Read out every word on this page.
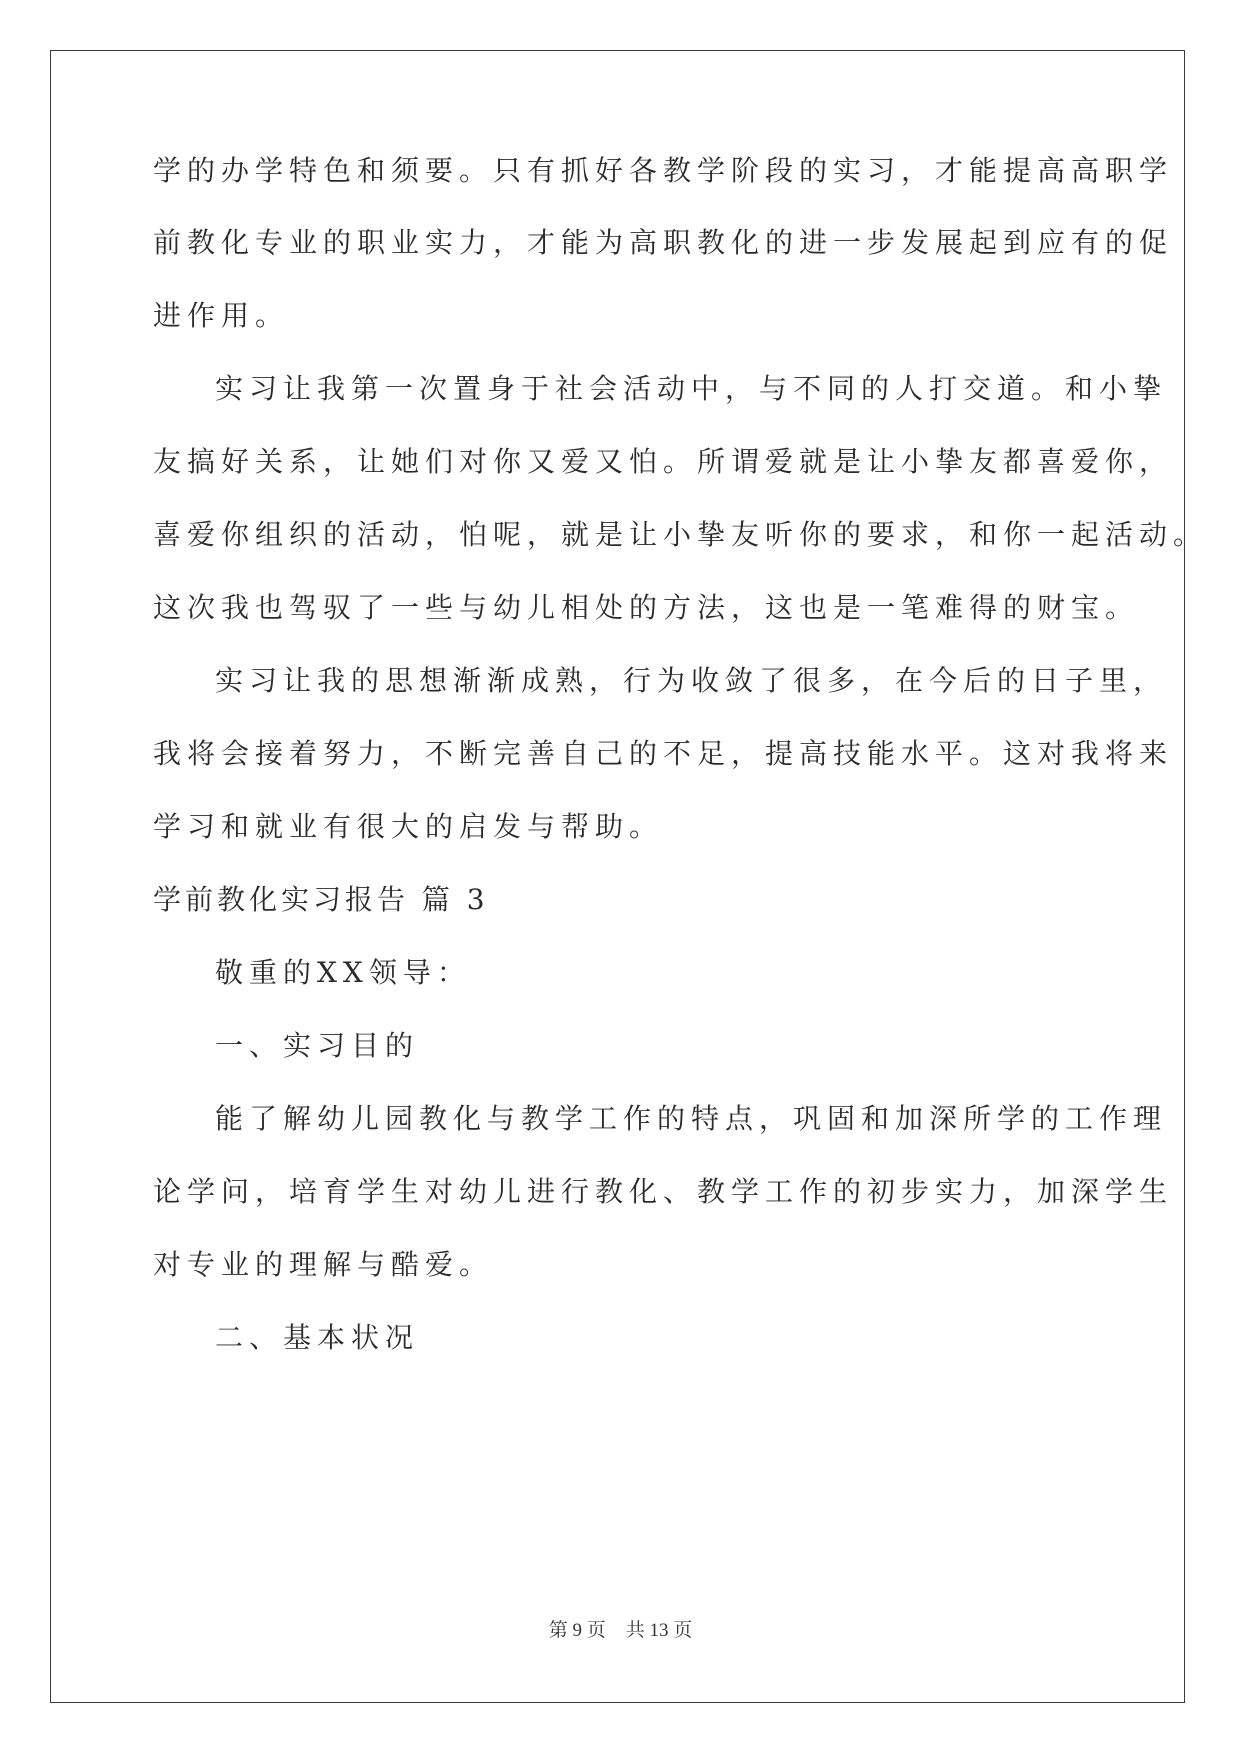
学的办学特色和须要。只有抓好各教学阶段的实习，才能提高高职学
前教化专业的职业实力，才能为高职教化的进一步发展起到应有的促
进作用。
实习让我第一次置身于社会活动中，与不同的人打交道。和小挚
友搞好关系，让她们对你又爱又怕。所谓爱就是让小挚友都喜爱你，
喜爱你组织的活动，怕呢，就是让小挚友听你的要求，和你一起活动。
这次我也驾驭了一些与幼儿相处的方法，这也是一笔难得的财宝。
实习让我的思想渐渐成熟，行为收敛了很多，在今后的日子里，
我将会接着努力，不断完善自己的不足，提高技能水平。这对我将来
学习和就业有很大的启发与帮助。
学前教化实习报告 篇 3
敬重的XX领导：
一、实习目的
能了解幼儿园教化与教学工作的特点，巩固和加深所学的工作理
论学问，培育学生对幼儿进行教化、教学工作的初步实力，加深学生
对专业的理解与酷爱。
二、基本状况
第 9 页 共 13 页
